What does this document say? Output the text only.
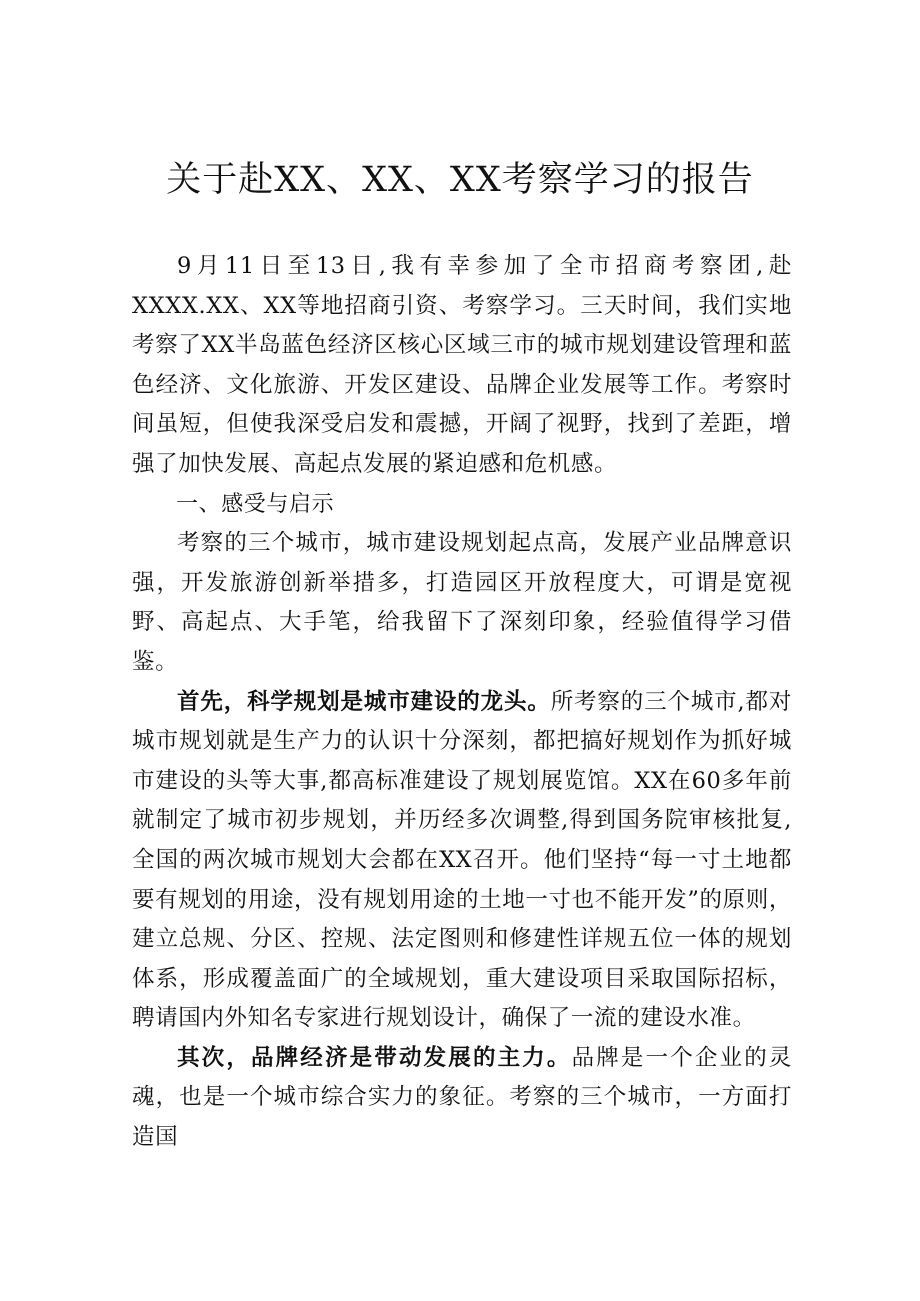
关于赴XX、XX、XX考察学习的报告

9月11日至13日,我有幸参加了全市招商考察团,赴XXXX.XX、XX等地招商引资、考察学习。三天时间，我们实地考察了XX半岛蓝色经济区核心区域三市的城市规划建设管理和蓝色经济、文化旅游、开发区建设、品牌企业发展等工作。考察时间虽短，但使我深受启发和震撼，开阔了视野，找到了差距，增强了加快发展、高起点发展的紧迫感和危机感。

一、感受与启示

考察的三个城市，城市建设规划起点高，发展产业品牌意识强，开发旅游创新举措多，打造园区开放程度大，可谓是宽视野、高起点、大手笔，给我留下了深刻印象，经验值得学习借鉴。

首先，科学规划是城市建设的龙头。所考察的三个城市,都对城市规划就是生产力的认识十分深刻，都把搞好规划作为抓好城市建设的头等大事,都高标准建设了规划展览馆。XX在60多年前就制定了城市初步规划，并历经多次调整,得到国务院审核批复,全国的两次城市规划大会都在XX召开。他们坚持“每一寸土地都要有规划的用途，没有规划用途的土地一寸也不能开发”的原则，建立总规、分区、控规、法定图则和修建性详规五位一体的规划体系，形成覆盖面广的全域规划，重大建设项目采取国际招标，聘请国内外知名专家进行规划设计，确保了一流的建设水准。

其次，品牌经济是带动发展的主力。品牌是一个企业的灵魂，也是一个城市综合实力的象征。考察的三个城市，一方面打造国
